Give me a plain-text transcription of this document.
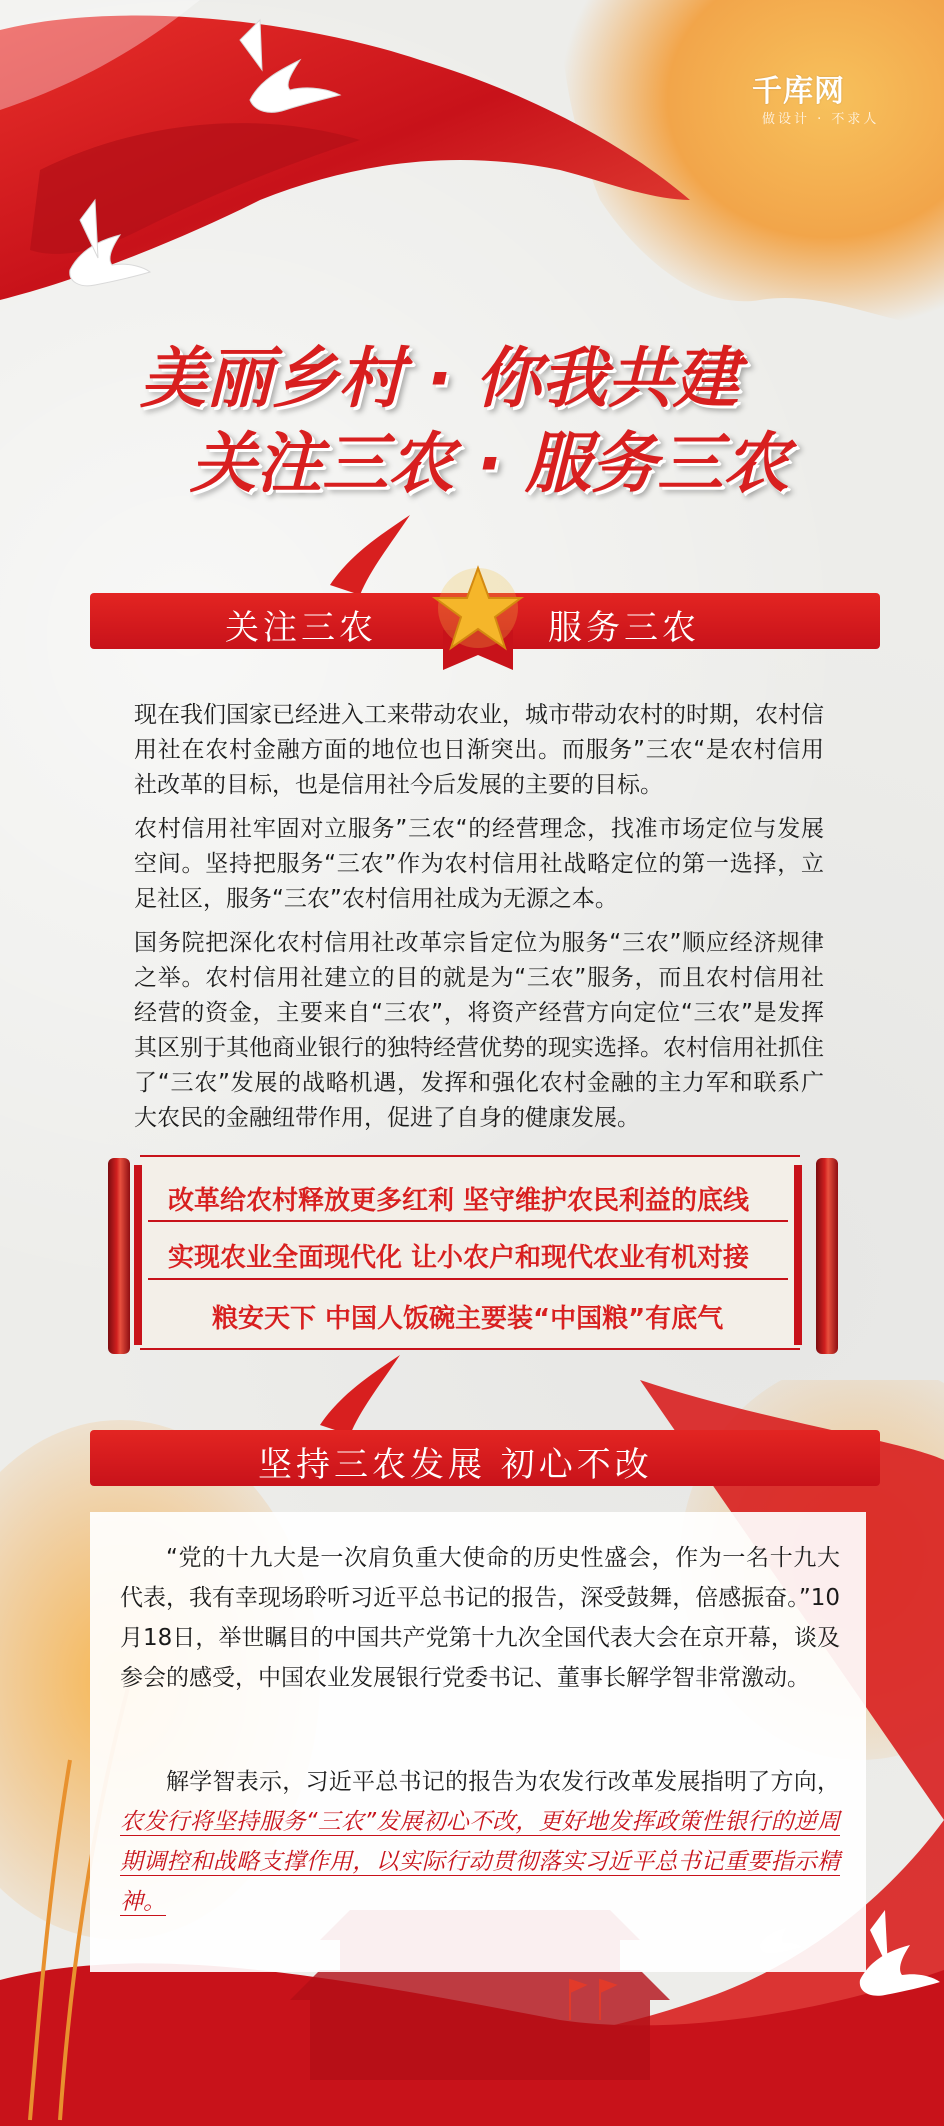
千库网
做设计 · 不求人
美丽乡村 · 你我共建
关注三农 · 服务三农
关注三农	服务三农

现在我们国家已经进入工来带动农业，城市带动农村的时期，农村信用社在农村金融方面的地位也日渐突出。而服务”三农“是农村信用社改革的目标，也是信用社今后发展的主要的目标。

农村信用社牢固对立服务”三农“的经营理念，找准市场定位与发展空间。坚持把服务“三农”作为农村信用社战略定位的第一选择，立足社区，服务“三农”农村信用社成为无源之本。

国务院把深化农村信用社改革宗旨定位为服务“三农”顺应经济规律之举。农村信用社建立的目的就是为“三农”服务，而且农村信用社经营的资金，主要来自“三农”，将资产经营方向定位“三农”是发挥其区别于其他商业银行的独特经营优势的现实选择。农村信用社抓住了“三农”发展的战略机遇，发挥和强化农村金融的主力军和联系广大农民的金融纽带作用，促进了自身的健康发展。

改革给农村释放更多红利 坚守维护农民利益的底线
实现农业全面现代化 让小农户和现代农业有机对接
粮安天下 中国人饭碗主要装“中国粮”有底气
坚持三农发展 初心不改

“党的十九大是一次肩负重大使命的历史性盛会，作为一名十九大代表，我有幸现场聆听习近平总书记的报告，深受鼓舞，倍感振奋。”10月18日，举世瞩目的中国共产党第十九次全国代表大会在京开幕，谈及参会的感受，中国农业发展银行党委书记、董事长解学智非常激动。

解学智表示，习近平总书记的报告为农发行改革发展指明了方向，农发行将坚持服务“三农”发展初心不改，更好地发挥政策性银行的逆周期调控和战略支撑作用，以实际行动贯彻落实习近平总书记重要指示精神。
